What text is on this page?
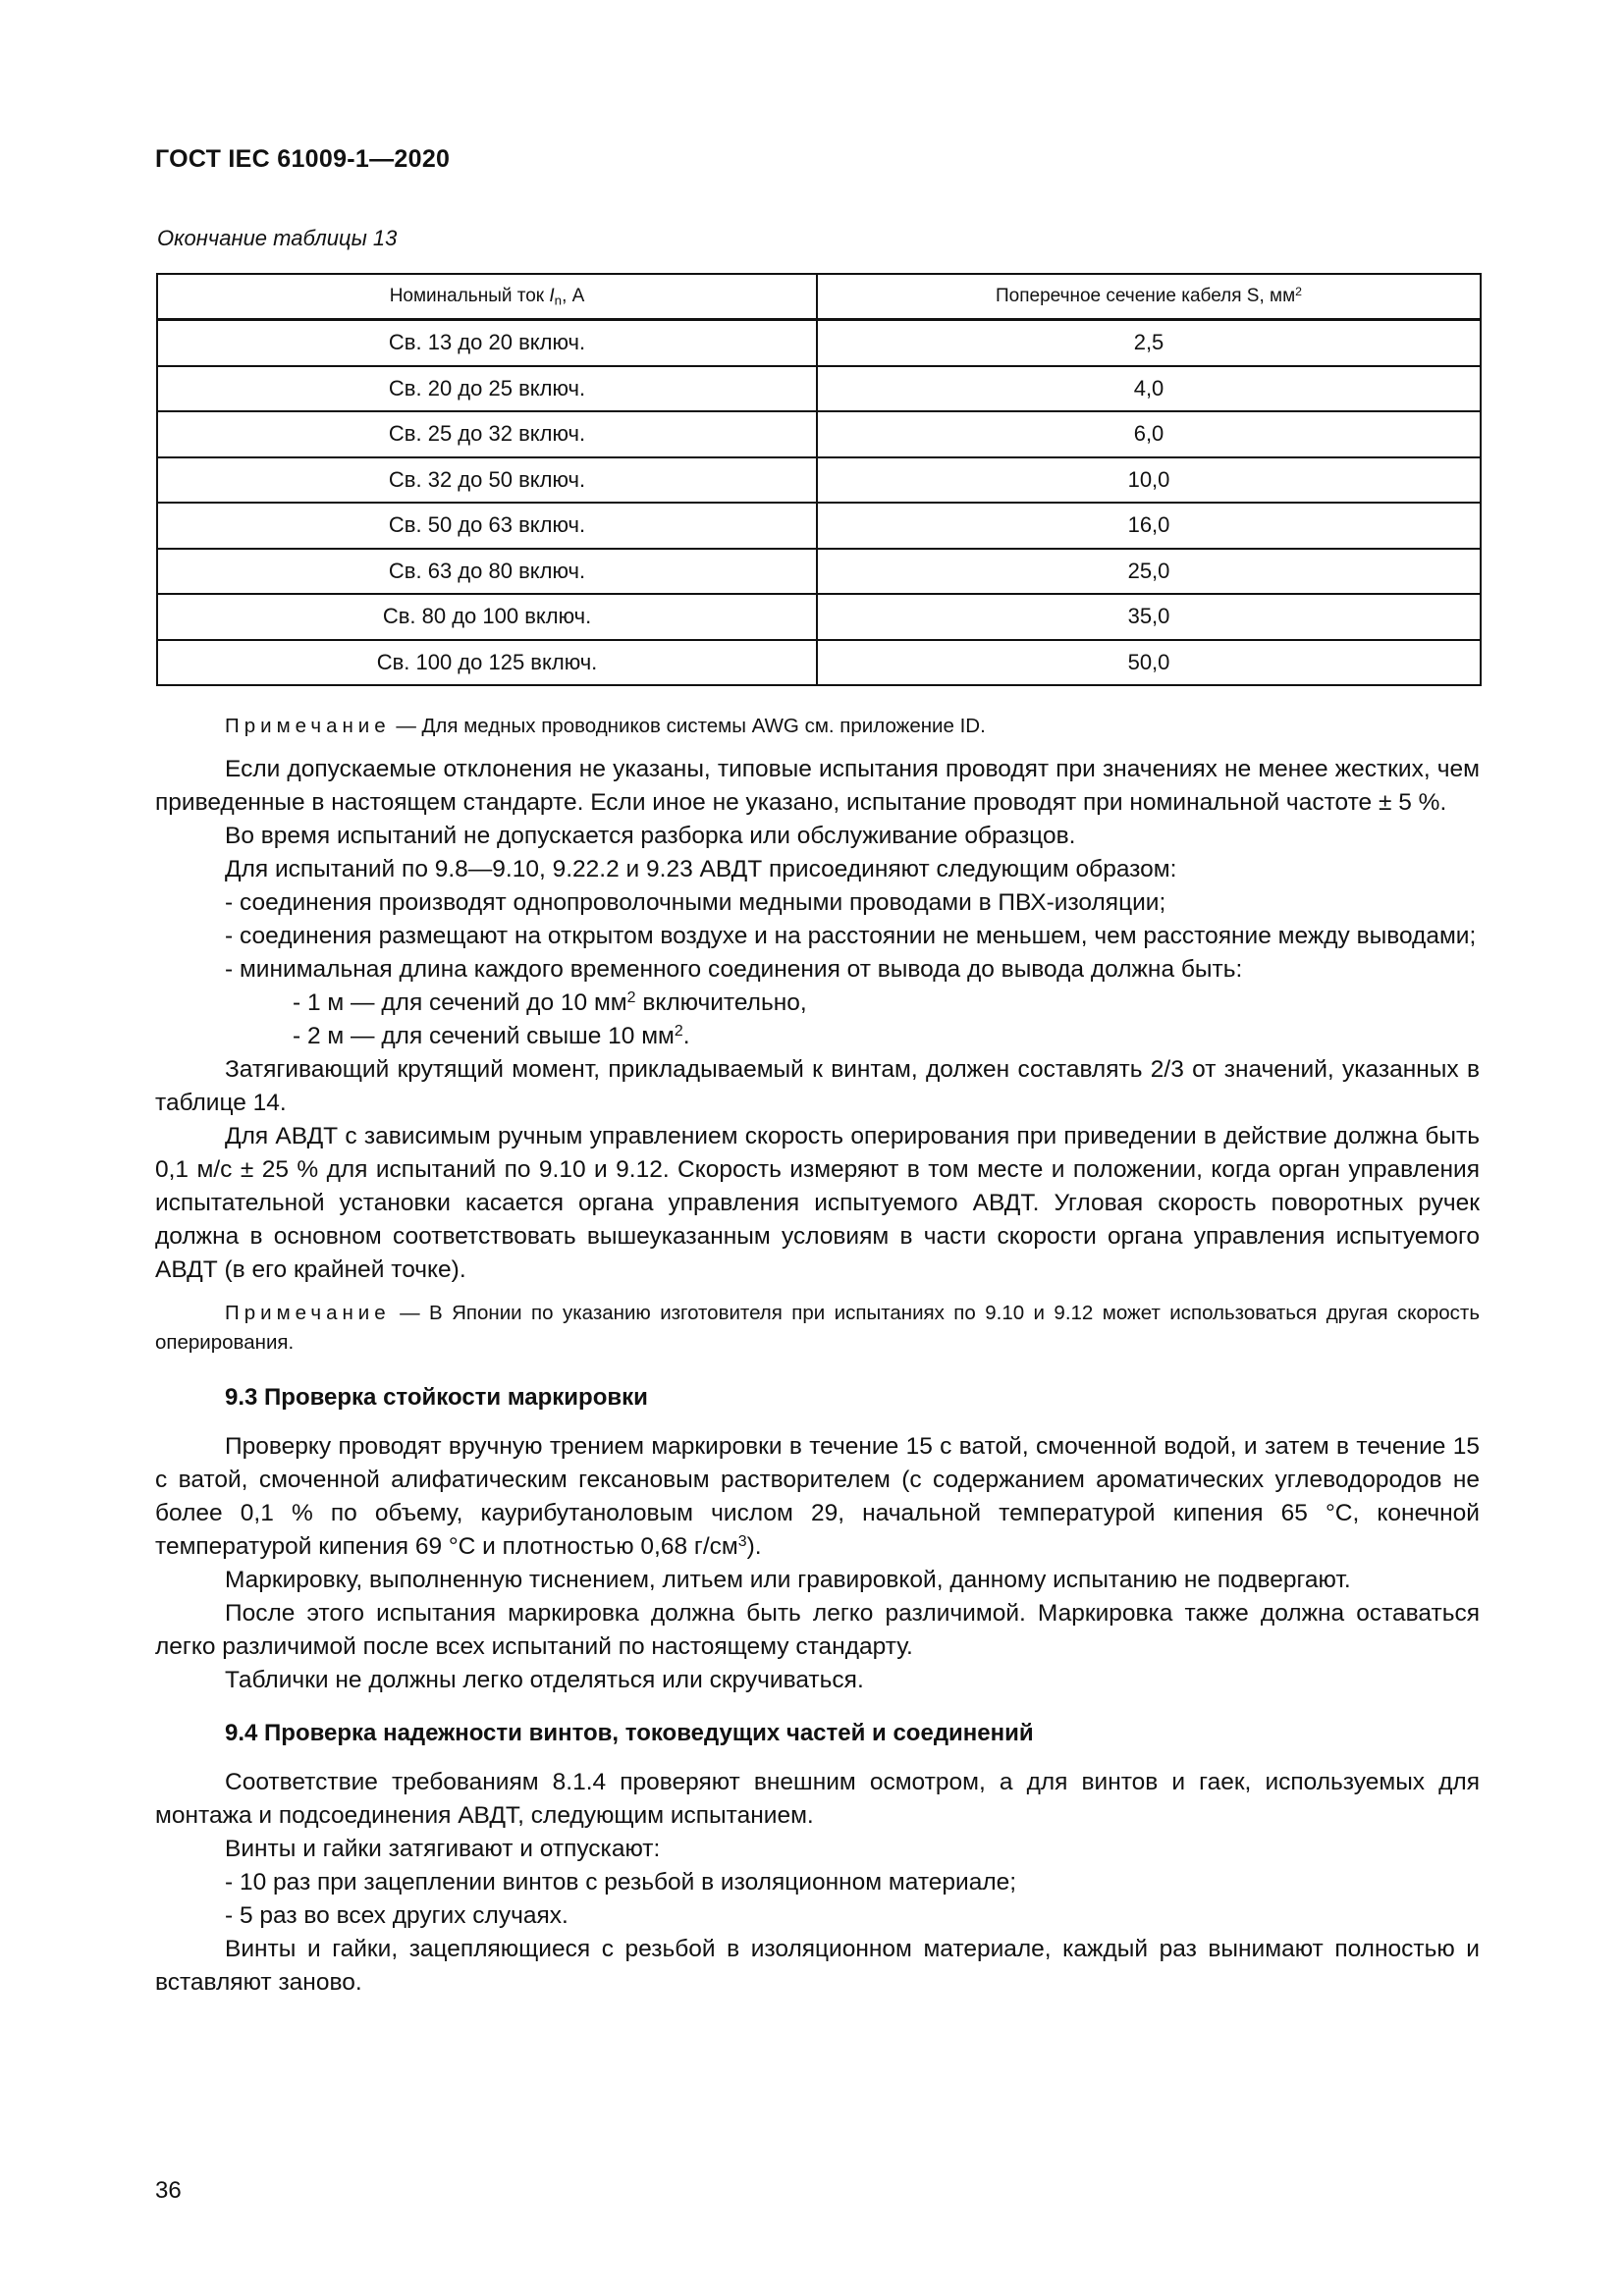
ГОСТ IEC 61009-1—2020
Окончание таблицы 13
Номинальный ток $I_n$, А	Поперечное сечение кабеля S, $мм^2$
Св. 13 до 20 включ.	2,5
Св. 20 до 25 включ.	4,0
Св. 25 до 32 включ.	6,0
Св. 32 до 50 включ.	10,0
Св. 50 до 63 включ.	16,0
Св. 63 до 80 включ.	25,0
Св. 80 до 100 включ.	35,0
Св. 100 до 125 включ.	50,0

Примечание — Для медных проводников системы AWG см. приложение ID.

Если допускаемые отклонения не указаны, типовые испытания проводят при значениях не менее жестких, чем приведенные в настоящем стандарте. Если иное не указано, испытание проводят при номинальной частоте ± 5 %.

Во время испытаний не допускается разборка или обслуживание образцов.

Для испытаний по 9.8—9.10, 9.22.2 и 9.23 АВДТ присоединяют следующим образом:

- соединения производят однопроволочными медными проводами в ПВХ-изоляции;

- соединения размещают на открытом воздухе и на расстоянии не меньшем, чем расстояние между выводами;

- минимальная длина каждого временного соединения от вывода до вывода должна быть:

- 1 м — для сечений до 10 $мм^2$ включительно,

- 2 м — для сечений свыше 10 $мм^2$.

Затягивающий крутящий момент, прикладываемый к винтам, должен составлять 2/3 от значений, указанных в таблице 14.

Для АВДТ с зависимым ручным управлением скорость оперирования при приведении в действие должна быть 0,1 м/с ± 25 % для испытаний по 9.10 и 9.12. Скорость измеряют в том месте и положении, когда орган управления испытательной установки касается органа управления испытуемого АВДТ. Угловая скорость поворотных ручек должна в основном соответствовать вышеуказанным условиям в части скорости органа управления испытуемого АВДТ (в его крайней точке).

Примечание — В Японии по указанию изготовителя при испытаниях по 9.10 и 9.12 может использоваться другая скорость оперирования.

9.3 Проверка стойкости маркировки

Проверку проводят вручную трением маркировки в течение 15 с ватой, смоченной водой, и затем в течение 15 с ватой, смоченной алифатическим гексановым растворителем (с содержанием ароматических углеводородов не более 0,1 % по объему, каурибутаноловым числом 29, начальной температурой кипения 65 °С, конечной температурой кипения 69 °С и плотностью 0,68 $г/см^3$).

Маркировку, выполненную тиснением, литьем или гравировкой, данному испытанию не подвергают.

После этого испытания маркировка должна быть легко различимой. Маркировка также должна оставаться легко различимой после всех испытаний по настоящему стандарту.

Таблички не должны легко отделяться или скручиваться.

9.4 Проверка надежности винтов, токоведущих частей и соединений

Соответствие требованиям 8.1.4 проверяют внешним осмотром, а для винтов и гаек, используемых для монтажа и подсоединения АВДТ, следующим испытанием.

Винты и гайки затягивают и отпускают:

- 10 раз при зацеплении винтов с резьбой в изоляционном материале;

- 5 раз во всех других случаях.

Винты и гайки, зацепляющиеся с резьбой в изоляционном материале, каждый раз вынимают полностью и вставляют заново.

36
